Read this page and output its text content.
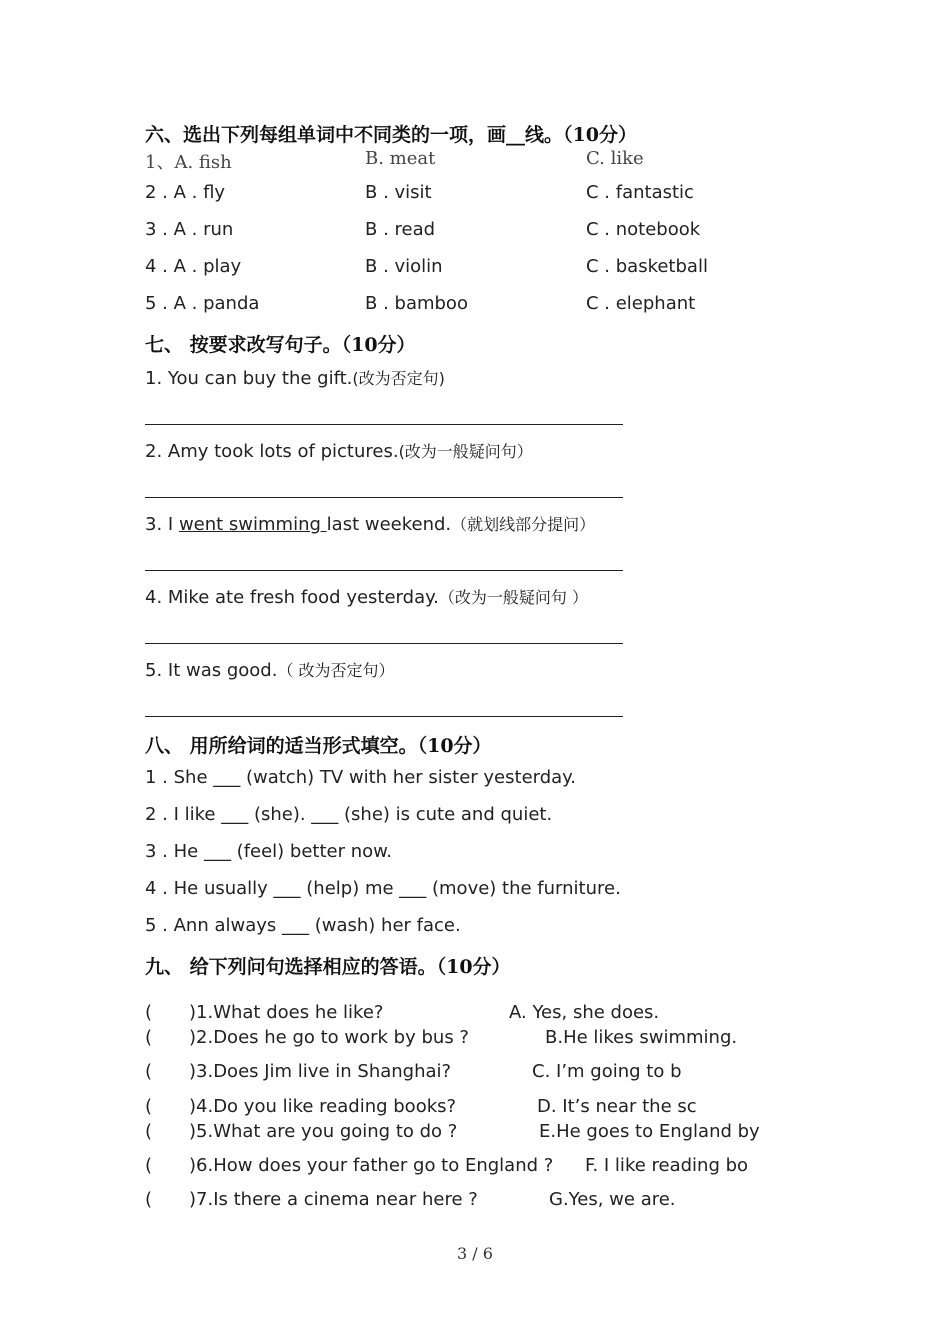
六、选出下列每组单词中不同类的一项，画__线。（10分）
1、A. fish	B. meat	C. like
2 . A . fly	B . visit	C . fantastic
3 . A . run	B . read	C . notebook
4 . A . play	B . violin	C . basketball
5 . A . panda	B . bamboo	C . elephant
七、 按要求改写句子。（10分）
1. You can buy the gift.(改为否定句)
2. Amy took lots of pictures.(改为一般疑问句）
3. I went swimming last weekend.（就划线部分提问）
4. Mike ate fresh food yesterday.（改为一般疑问句 ）
5. It was good.（ 改为否定句）
八、 用所给词的适当形式填空。（10分）
1 . She ___ (watch) TV with her sister yesterday.
2 . I like ___ (she). ___ (she) is cute and quiet.
3 . He ___ (feel) better now.
4 . He usually ___ (help) me ___ (move) the furniture.
5 . Ann always ___ (wash) her face.
九、 给下列问句选择相应的答语。（10分）
( )1.What does he like?	A. Yes, she does.
( )2.Does he go to work by bus ?	B.He likes swimming.
( )3.Does Jim live in Shanghai?	C. I’m going to b
( )4.Do you like reading books?	D. It’s near the sc
( )5.What are you going to do ?	E.He goes to England by
( )6.How does your father go to England ? F. I like reading bo
( )7.Is there a cinema near here ?	G.Yes, we are.
3 / 6
